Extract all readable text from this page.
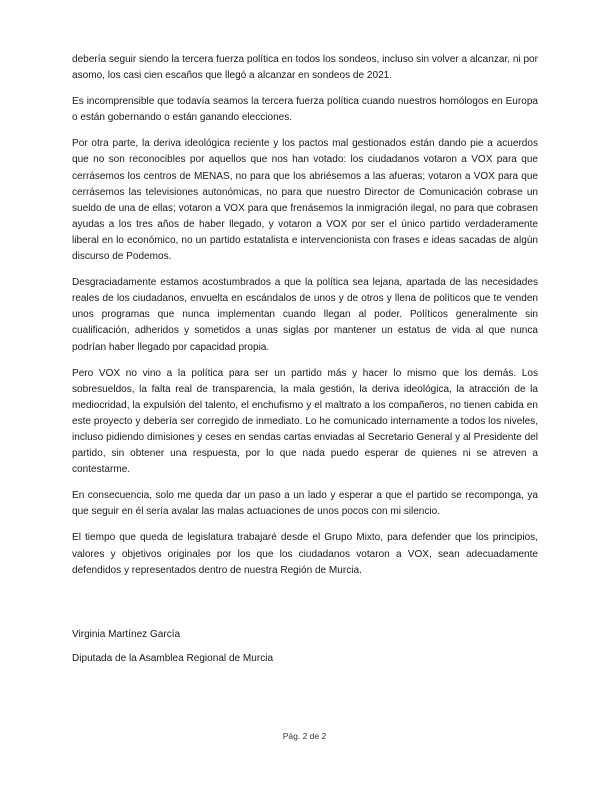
debería seguir siendo la tercera fuerza política en todos los sondeos, incluso sin volver a alcanzar, ni por asomo, los casi cien escaños que llegó a alcanzar en sondeos de 2021.

Es incomprensible que todavía seamos la tercera fuerza política cuando nuestros homólogos en Europa o están gobernando o están ganando elecciones.

Por otra parte, la deriva ideológica reciente y los pactos mal gestionados están dando pie a acuerdos que no son reconocibles por aquellos que nos han votado: los ciudadanos votaron a VOX para que cerrásemos los centros de MENAS, no para que los abriésemos a las afueras; votaron a VOX para que cerrásemos las televisiones autonómicas, no para que nuestro Director de Comunicación cobrase un sueldo de una de ellas; votaron a VOX para que frenásemos la inmigración ilegal, no para que cobrasen ayudas a los tres años de haber llegado, y votaron a VOX por ser el único partido verdaderamente liberal en lo económico, no un partido estatalista e intervencionista con frases e ideas sacadas de algún discurso de Podemos.

Desgraciadamente estamos acostumbrados a que la política sea lejana, apartada de las necesidades reales de los ciudadanos, envuelta en escándalos de unos y de otros y llena de políticos que te venden unos programas que nunca implementan cuando llegan al poder. Políticos generalmente sin cualificación, adheridos y sometidos a unas siglas por mantener un estatus de vida al que nunca podrían haber llegado por capacidad propia.

Pero VOX no vino a la política para ser un partido más y hacer lo mismo que los demás. Los sobresueldos, la falta real de transparencia, la mala gestión, la deriva ideológica, la atracción de la mediocridad, la expulsión del talento, el enchufismo y el maltrato a los compañeros, no tienen cabida en este proyecto y debería ser corregido de inmediato. Lo he comunicado internamente a todos los niveles, incluso pidiendo dimisiones y ceses en sendas cartas enviadas al Secretario General y al Presidente del partido, sin obtener una respuesta, por lo que nada puedo esperar de quienes ni se atreven a contestarme.

En consecuencia, solo me queda dar un paso a un lado y esperar a que el partido se recomponga, ya que seguir en él sería avalar las malas actuaciones de unos pocos con mi silencio.

El tiempo que queda de legislatura trabajaré desde el Grupo Mixto, para defender que los principios, valores y objetivos originales por los que los ciudadanos votaron a VOX, sean adecuadamente defendidos y representados dentro de nuestra Región de Murcia.

Virginia Martínez García

Diputada de la Asamblea Regional de Murcia

Pág. 2 de 2
